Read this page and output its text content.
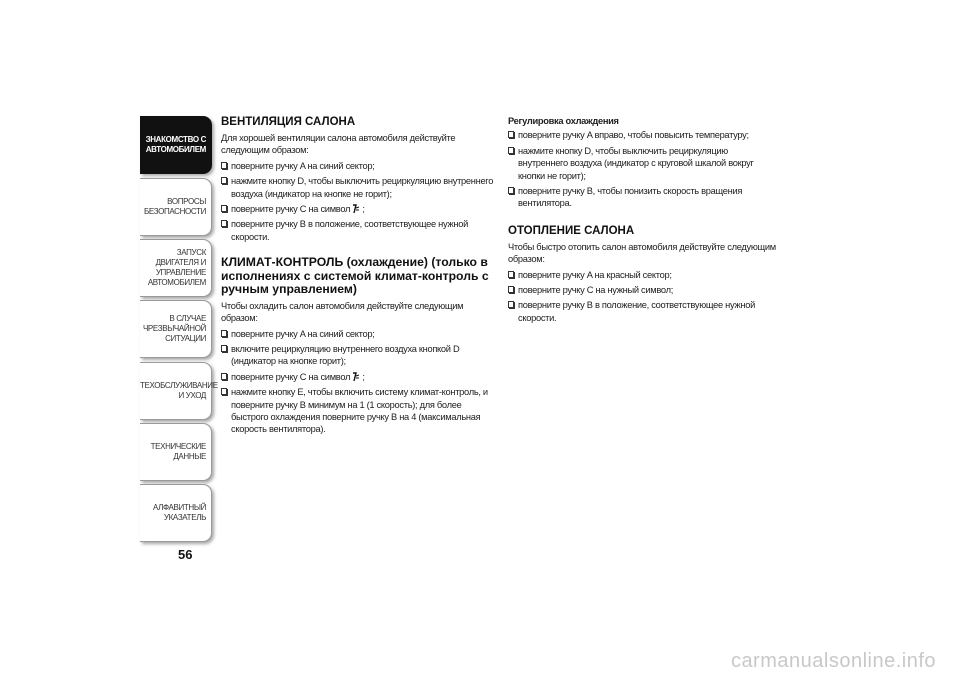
ЗНАКОМСТВО С
АВТОМОБИЛЕМ
ВОПРОСЫ
БЕЗОПАСНОСТИ
ЗАПУСК ДВИГАТЕЛЯ И
УПРАВЛЕНИЕ
АВТОМОБИЛЕМ
В СЛУЧАЕ
ЧРЕЗВЫЧАЙНОЙ
СИТУАЦИИ
ТЕХОБСЛУЖИВАНИЕ
И УХОД
ТЕХНИЧЕСКИЕ
ДАННЫЕ
АЛФАВИТНЫЙ
УКАЗАТЕЛЬ
56
ВЕНТИЛЯЦИЯ САЛОНА
Для хорошей вентиляции салона автомобиля действуйте следующим образом:
поверните ручку A на синий сектор;
нажмите кнопку D, чтобы выключить рециркуляцию внутреннего воздуха (индикатор на кнопке не горит);
поверните ручку C на символ ;
поверните ручку B в положение, соответствующее нужной скорости.
КЛИМАТ-КОНТРОЛЬ (охлаждение) (только в исполнениях с системой климат-контроль с ручным управлением)
Чтобы охладить салон автомобиля действуйте следующим образом:
поверните ручку A на синий сектор;
включите рециркуляцию внутреннего воздуха кнопкой D (индикатор на кнопке горит);
поверните ручку C на символ ;
нажмите кнопку E, чтобы включить систему климат-контроль, и поверните ручку B минимум на 1 (1 скорость); для более быстрого охлаждения поверните ручку B на 4 (максимальная скорость вентилятора).
Регулировка охлаждения
поверните ручку A вправо, чтобы повысить температуру;
нажмите кнопку D, чтобы выключить рециркуляцию внутреннего воздуха (индикатор с круговой шкалой вокруг кнопки не горит);
поверните ручку B, чтобы понизить скорость вращения вентилятора.
ОТОПЛЕНИЕ САЛОНА
Чтобы быстро отопить салон автомобиля действуйте следующим образом:
поверните ручку A на красный сектор;
поверните ручку C на нужный символ;
поверните ручку B в положение, соответствующее нужной скорости.
carmanualsonline.info
